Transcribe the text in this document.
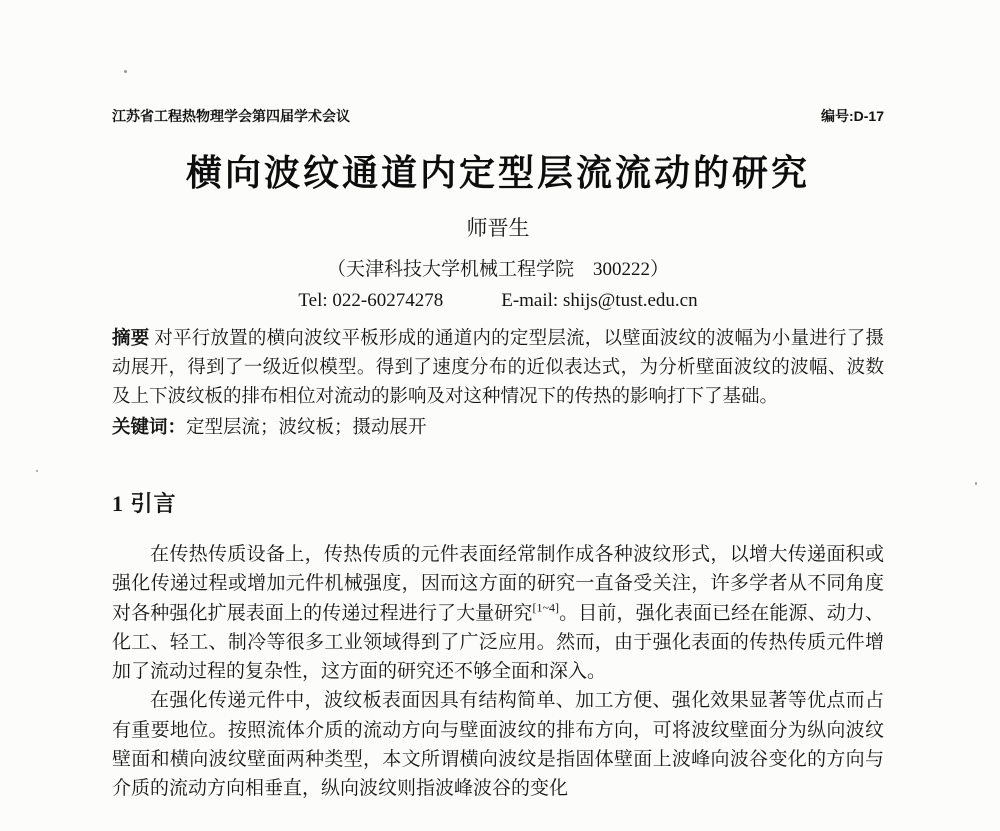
江苏省工程热物理学会第四届学术会议	编号:D-17
横向波纹通道内定型层流流动的研究
师晋生
（天津科技大学机械工程学院　300222）
Tel: 022-60274278	E-mail: shijs@tust.edu.cn

摘要 对平行放置的横向波纹平板形成的通道内的定型层流，以壁面波纹的波幅为小量进行了摄动展开，得到了一级近似模型。得到了速度分布的近似表达式，为分析壁面波纹的波幅、波数及上下波纹板的排布相位对流动的影响及对这种情况下的传热的影响打下了基础。

关键词：定型层流；波纹板；摄动展开

1 引言

在传热传质设备上，传热传质的元件表面经常制作成各种波纹形式，以增大传递面积或强化传递过程或增加元件机械强度，因而这方面的研究一直备受关注，许多学者从不同角度对各种强化扩展表面上的传递过程进行了大量研究[1~4]。目前，强化表面已经在能源、动力、化工、轻工、制冷等很多工业领域得到了广泛应用。然而，由于强化表面的传热传质元件增加了流动过程的复杂性，这方面的研究还不够全面和深入。

在强化传递元件中，波纹板表面因具有结构简单、加工方便、强化效果显著等优点而占有重要地位。按照流体介质的流动方向与壁面波纹的排布方向，可将波纹壁面分为纵向波纹壁面和横向波纹壁面两种类型，本文所谓横向波纹是指固体壁面上波峰向波谷变化的方向与介质的流动方向相垂直，纵向波纹则指波峰波谷的变化
